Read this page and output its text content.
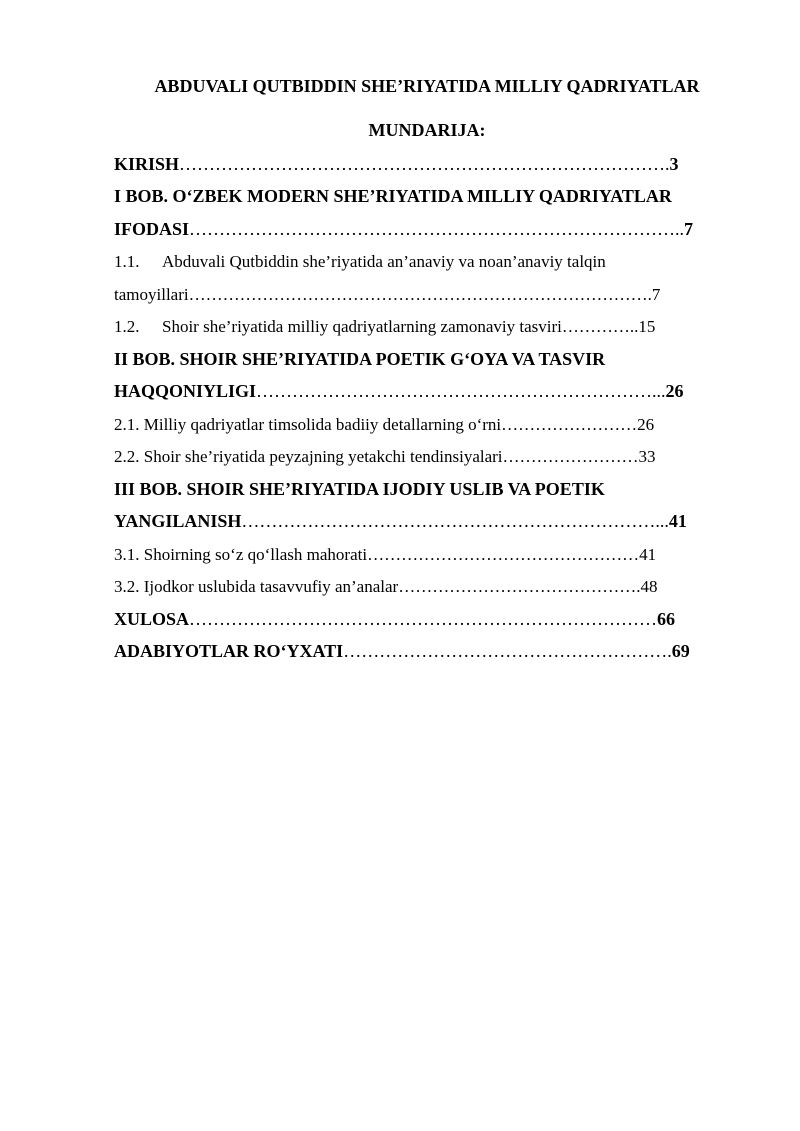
ABDUVALI QUTBIDDIN SHE’RIYATIDA MILLIY QADRIYATLAR
MUNDARIJA:
KIRISH……………………………………………………………………….3
I BOB. O‘ZBEK MODERN SHE’RIYATIDA MILLIY QADRIYATLAR
IFODASI………………………………………………………………………..7
1.1. Abduvali Qutbiddin she’riyatida an’anaviy va noan’anaviy talqin
tamoyillari……………………………………………………………………….7
1.2. Shoir she’riyatida milliy qadriyatlarning zamonaviy tasviri…………..15
II BOB. SHOIR SHE’RIYATIDA POETIK G‘OYA VA TASVIR
HAQQONIYLIGI…………………………………………………………...26
2.1. Milliy qadriyatlar timsolida badiiy detallarning o‘rni……………………26
2.2. Shoir she’riyatida peyzajning yetakchi tendinsiyalari……………………33
III BOB. SHOIR SHE’RIYATIDA IJODIY USLIB VA POETIK
YANGILANISH……………………………………………………………...41
3.1. Shoirning so‘z qo‘llash mahorati…………………………………………41
3.2. Ijodkor uslubida tasavvufiy an’analar…………………………………….48
XULOSA……………………………………………………………………66
ADABIYOTLAR RO‘YXATI……………………………………………….69
